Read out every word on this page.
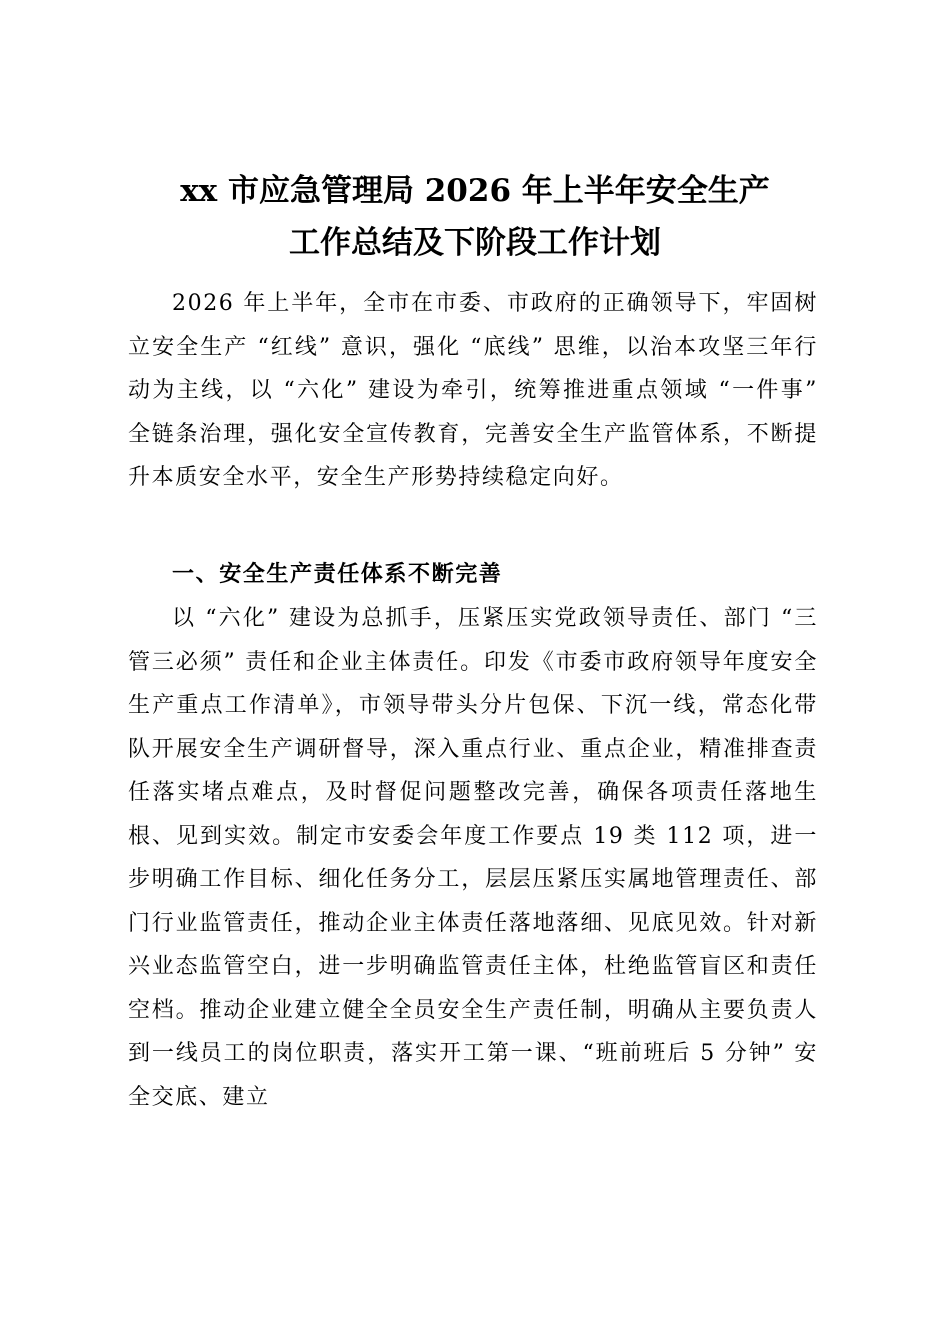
xx 市应急管理局 2026 年上半年安全生产
工作总结及下阶段工作计划

2026 年上半年，全市在市委、市政府的正确领导下，牢固树立安全生产 “红线” 意识，强化 “底线” 思维，以治本攻坚三年行动为主线，以 “六化” 建设为牵引，统筹推进重点领域 “一件事” 全链条治理，强化安全宣传教育，完善安全生产监管体系，不断提升本质安全水平，安全生产形势持续稳定向好。

一、安全生产责任体系不断完善

以 “六化” 建设为总抓手，压紧压实党政领导责任、部门 “三管三必须” 责任和企业主体责任。印发《市委市政府领导年度安全生产重点工作清单》，市领导带头分片包保、下沉一线，常态化带队开展安全生产调研督导，深入重点行业、重点企业，精准排查责任落实堵点难点，及时督促问题整改完善，确保各项责任落地生根、见到实效。制定市安委会年度工作要点 19 类 112 项，进一步明确工作目标、细化任务分工，层层压紧压实属地管理责任、部门行业监管责任，推动企业主体责任落地落细、见底见效。针对新兴业态监管空白，进一步明确监管责任主体，杜绝监管盲区和责任空档。推动企业建立健全全员安全生产责任制，明确从主要负责人到一线员工的岗位职责，落实开工第一课、“班前班后 5 分钟” 安全交底、建立
